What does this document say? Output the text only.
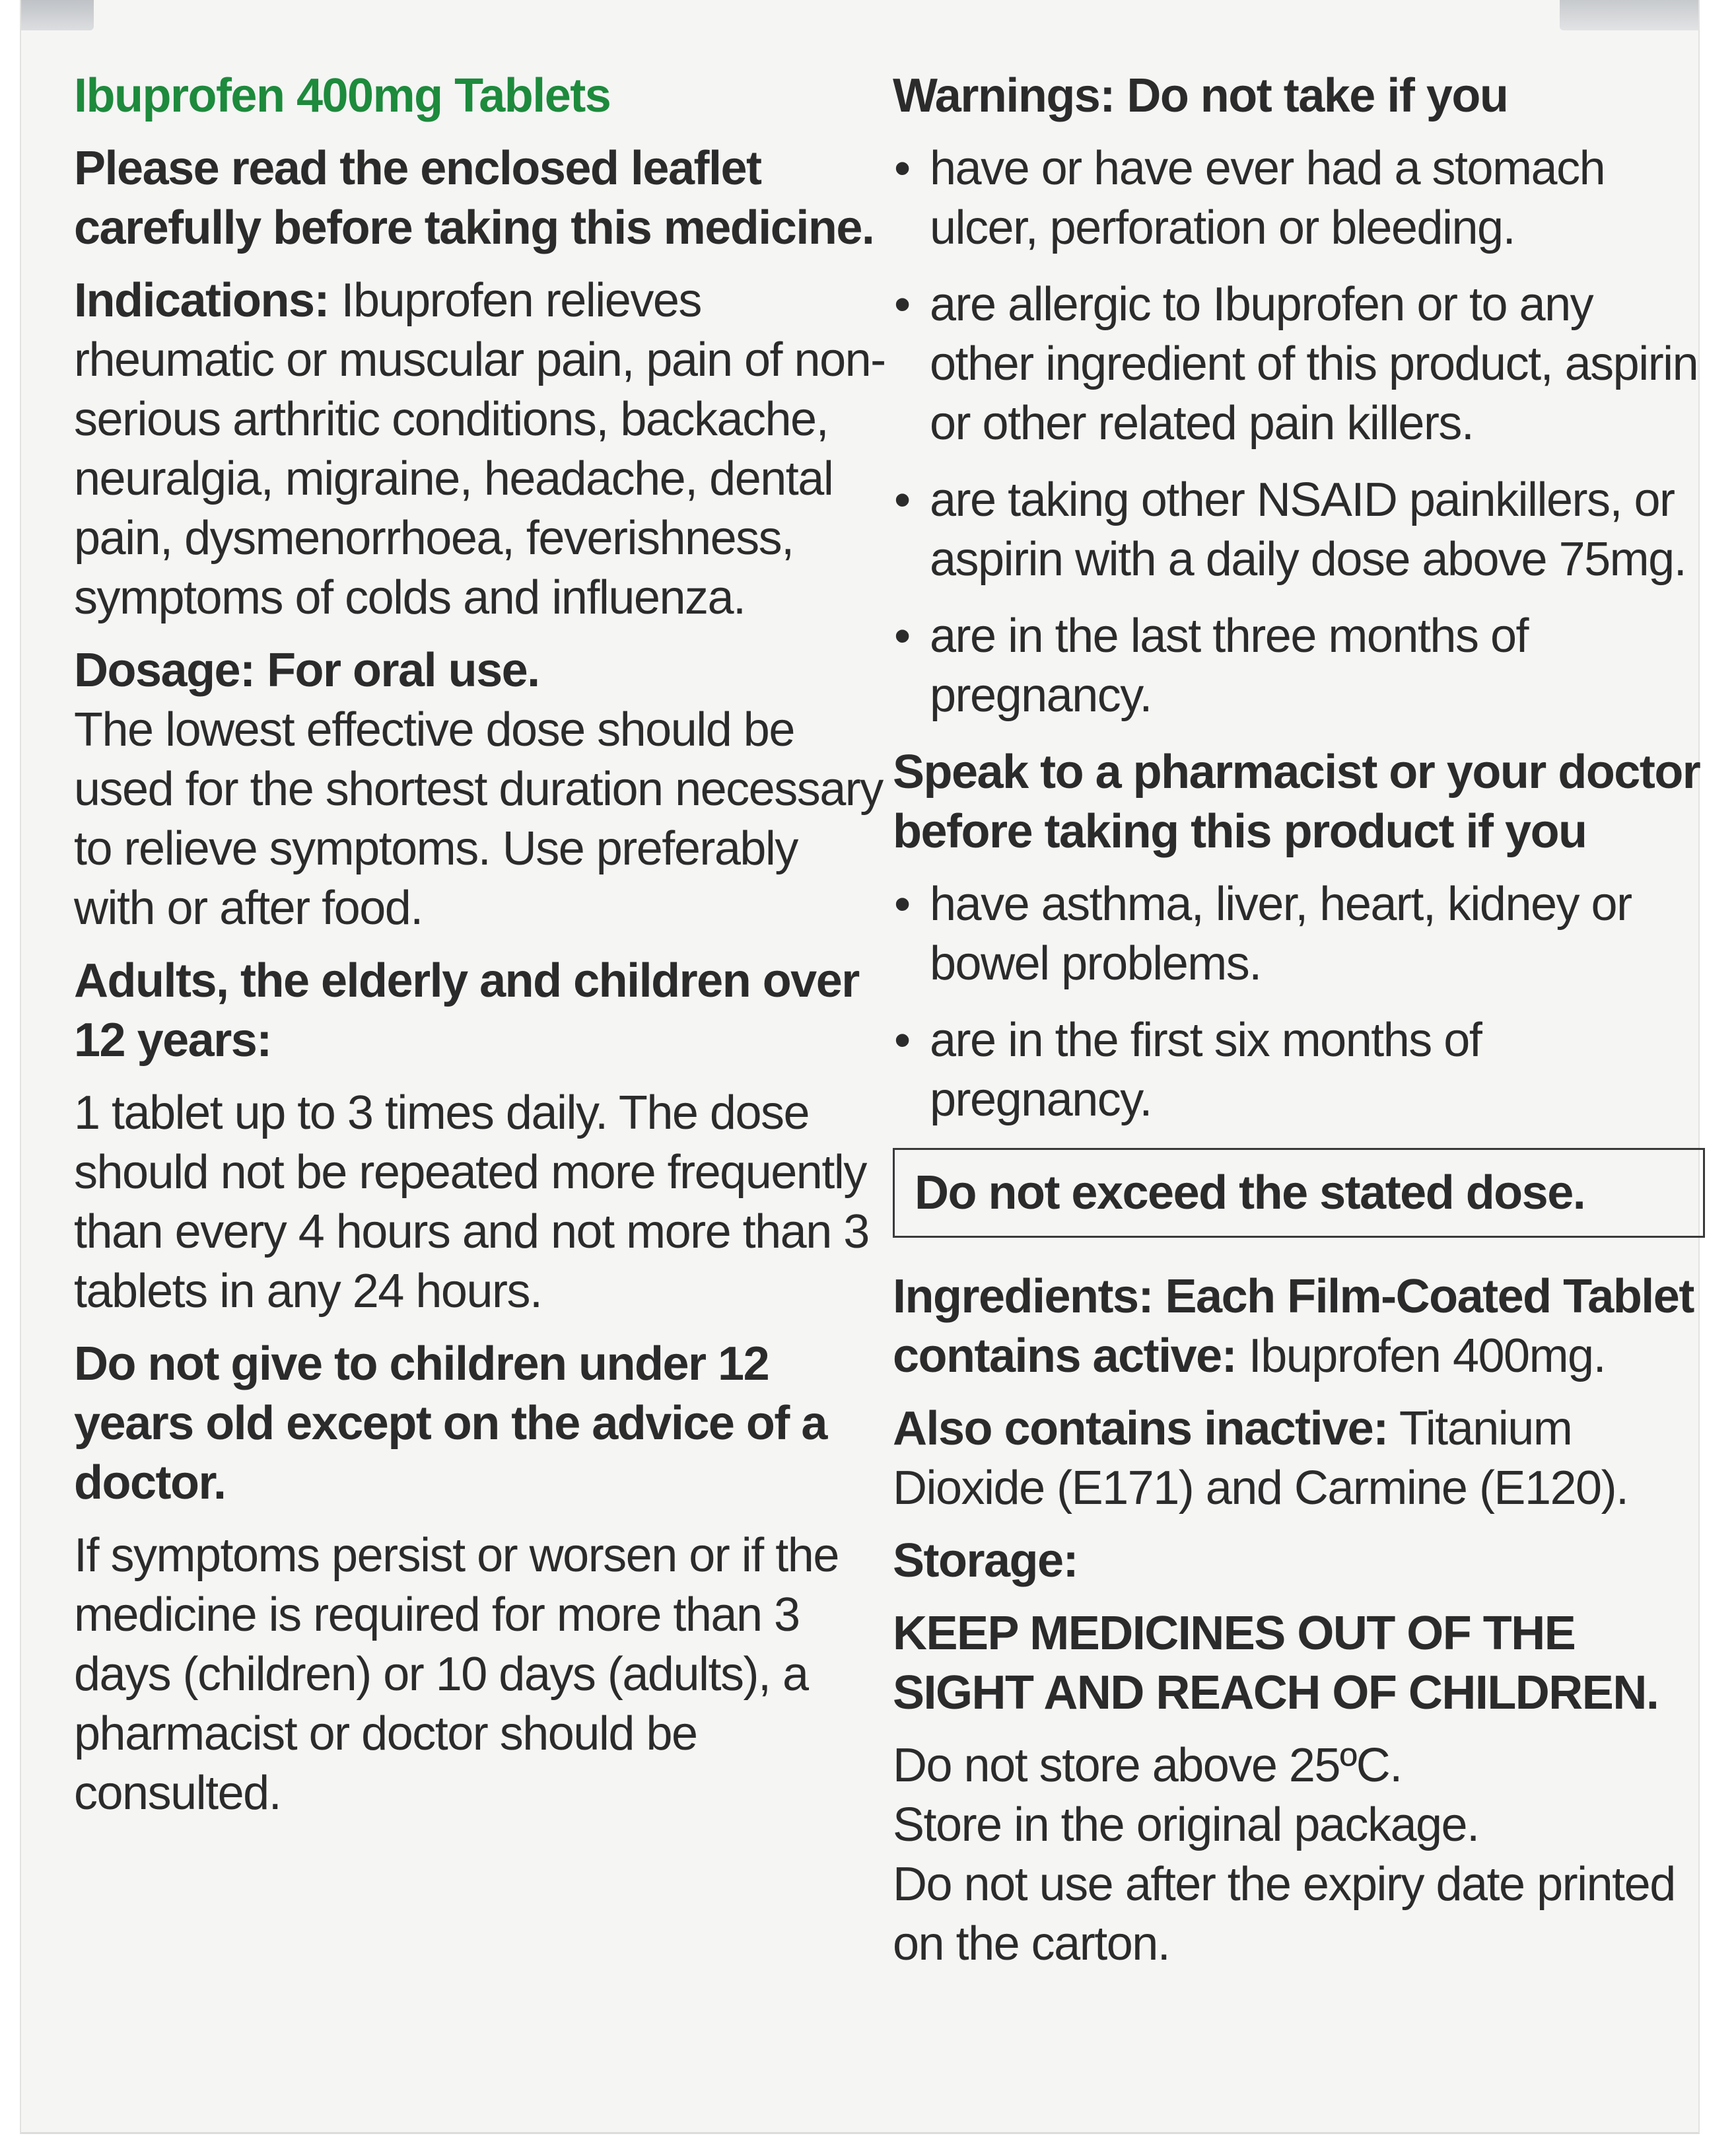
Ibuprofen 400mg Tablets

Please read the enclosed leaflet carefully before taking this medicine.

Indications: Ibuprofen relieves rheumatic or muscular pain, pain of non-serious arthritic conditions, backache, neuralgia, migraine, headache, dental pain, dysmenorrhoea, feverishness, symptoms of colds and influenza.

Dosage: For oral use.

The lowest effective dose should be used for the shortest duration necessary to relieve symptoms. Use preferably with or after food.

Adults, the elderly and children over 12 years:

1 tablet up to 3 times daily. The dose should not be repeated more frequently than every 4 hours and not more than 3 tablets in any 24 hours.

Do not give to children under 12 years old except on the advice of a doctor.

If symptoms persist or worsen or if the medicine is required for more than 3 days (children) or 10 days (adults), a pharmacist or doctor should be consulted.

Warnings: Do not take if you

• have or have ever had a stomach ulcer, perforation or bleeding.
• are allergic to Ibuprofen or to any other ingredient of this product, aspirin or other related pain killers.
• are taking other NSAID painkillers, or aspirin with a daily dose above 75mg.
• are in the last three months of pregnancy.

Speak to a pharmacist or your doctor before taking this product if you

• have asthma, liver, heart, kidney or bowel problems.
• are in the first six months of pregnancy.
Do not exceed the stated dose.

Ingredients: Each Film-Coated Tablet contains active: Ibuprofen 400mg.

Also contains inactive: Titanium Dioxide (E171) and Carmine (E120).

Storage:

KEEP MEDICINES OUT OF THE SIGHT AND REACH OF CHILDREN.

Do not store above 25ºC.

Store in the original package.

Do not use after the expiry date printed on the carton.
